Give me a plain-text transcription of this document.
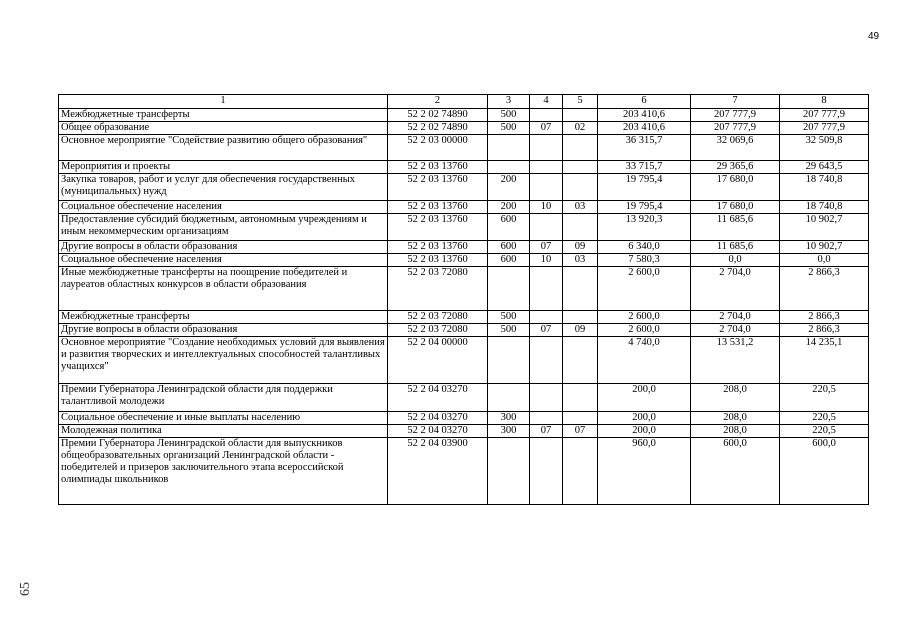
49
65
1	2	3	4	5	6	7	8
Межбюджетные трансферты	52 2 02 74890	500			203 410,6	207 777,9	207 777,9
Общее образование	52 2 02 74890	500	07	02	203 410,6	207 777,9	207 777,9
Основное мероприятие "Содействие развитию общего образования"	52 2 03 00000				36 315,7	32 069,6	32 509,8
Мероприятия и проекты	52 2 03 13760				33 715,7	29 365,6	29 643,5
Закупка товаров, работ и услуг для обеспечения государственных (муниципальных) нужд	52 2 03 13760	200			19 795,4	17 680,0	18 740,8
Социальное обеспечение населения	52 2 03 13760	200	10	03	19 795,4	17 680,0	18 740,8
Предоставление субсидий бюджетным, автономным учреждениям и иным некоммерческим организациям	52 2 03 13760	600			13 920,3	11 685,6	10 902,7
Другие вопросы в области образования	52 2 03 13760	600	07	09	6 340,0	11 685,6	10 902,7
Социальное обеспечение населения	52 2 03 13760	600	10	03	7 580,3	0,0	0,0
Иные межбюджетные трансферты на поощрение победителей и лауреатов областных конкурсов в области образования	52 2 03 72080				2 600,0	2 704,0	2 866,3
Межбюджетные трансферты	52 2 03 72080	500			2 600,0	2 704,0	2 866,3
Другие вопросы в области образования	52 2 03 72080	500	07	09	2 600,0	2 704,0	2 866,3
Основное мероприятие "Создание необходимых условий для выявления и развития творческих и интеллектуальных способностей талантливых учащихся"	52 2 04 00000				4 740,0	13 531,2	14 235,1
Премии Губернатора Ленинградской области для поддержки талантливой молодежи	52 2 04 03270				200,0	208,0	220,5
Социальное обеспечение и иные выплаты населению	52 2 04 03270	300			200,0	208,0	220,5
Молодежная политика	52 2 04 03270	300	07	07	200,0	208,0	220,5
Премии Губернатора Ленинградской области для выпускников общеобразовательных организаций Ленинградской области - победителей и призеров заключительного этапа всероссийской олимпиады школьников	52 2 04 03900				960,0	600,0	600,0
